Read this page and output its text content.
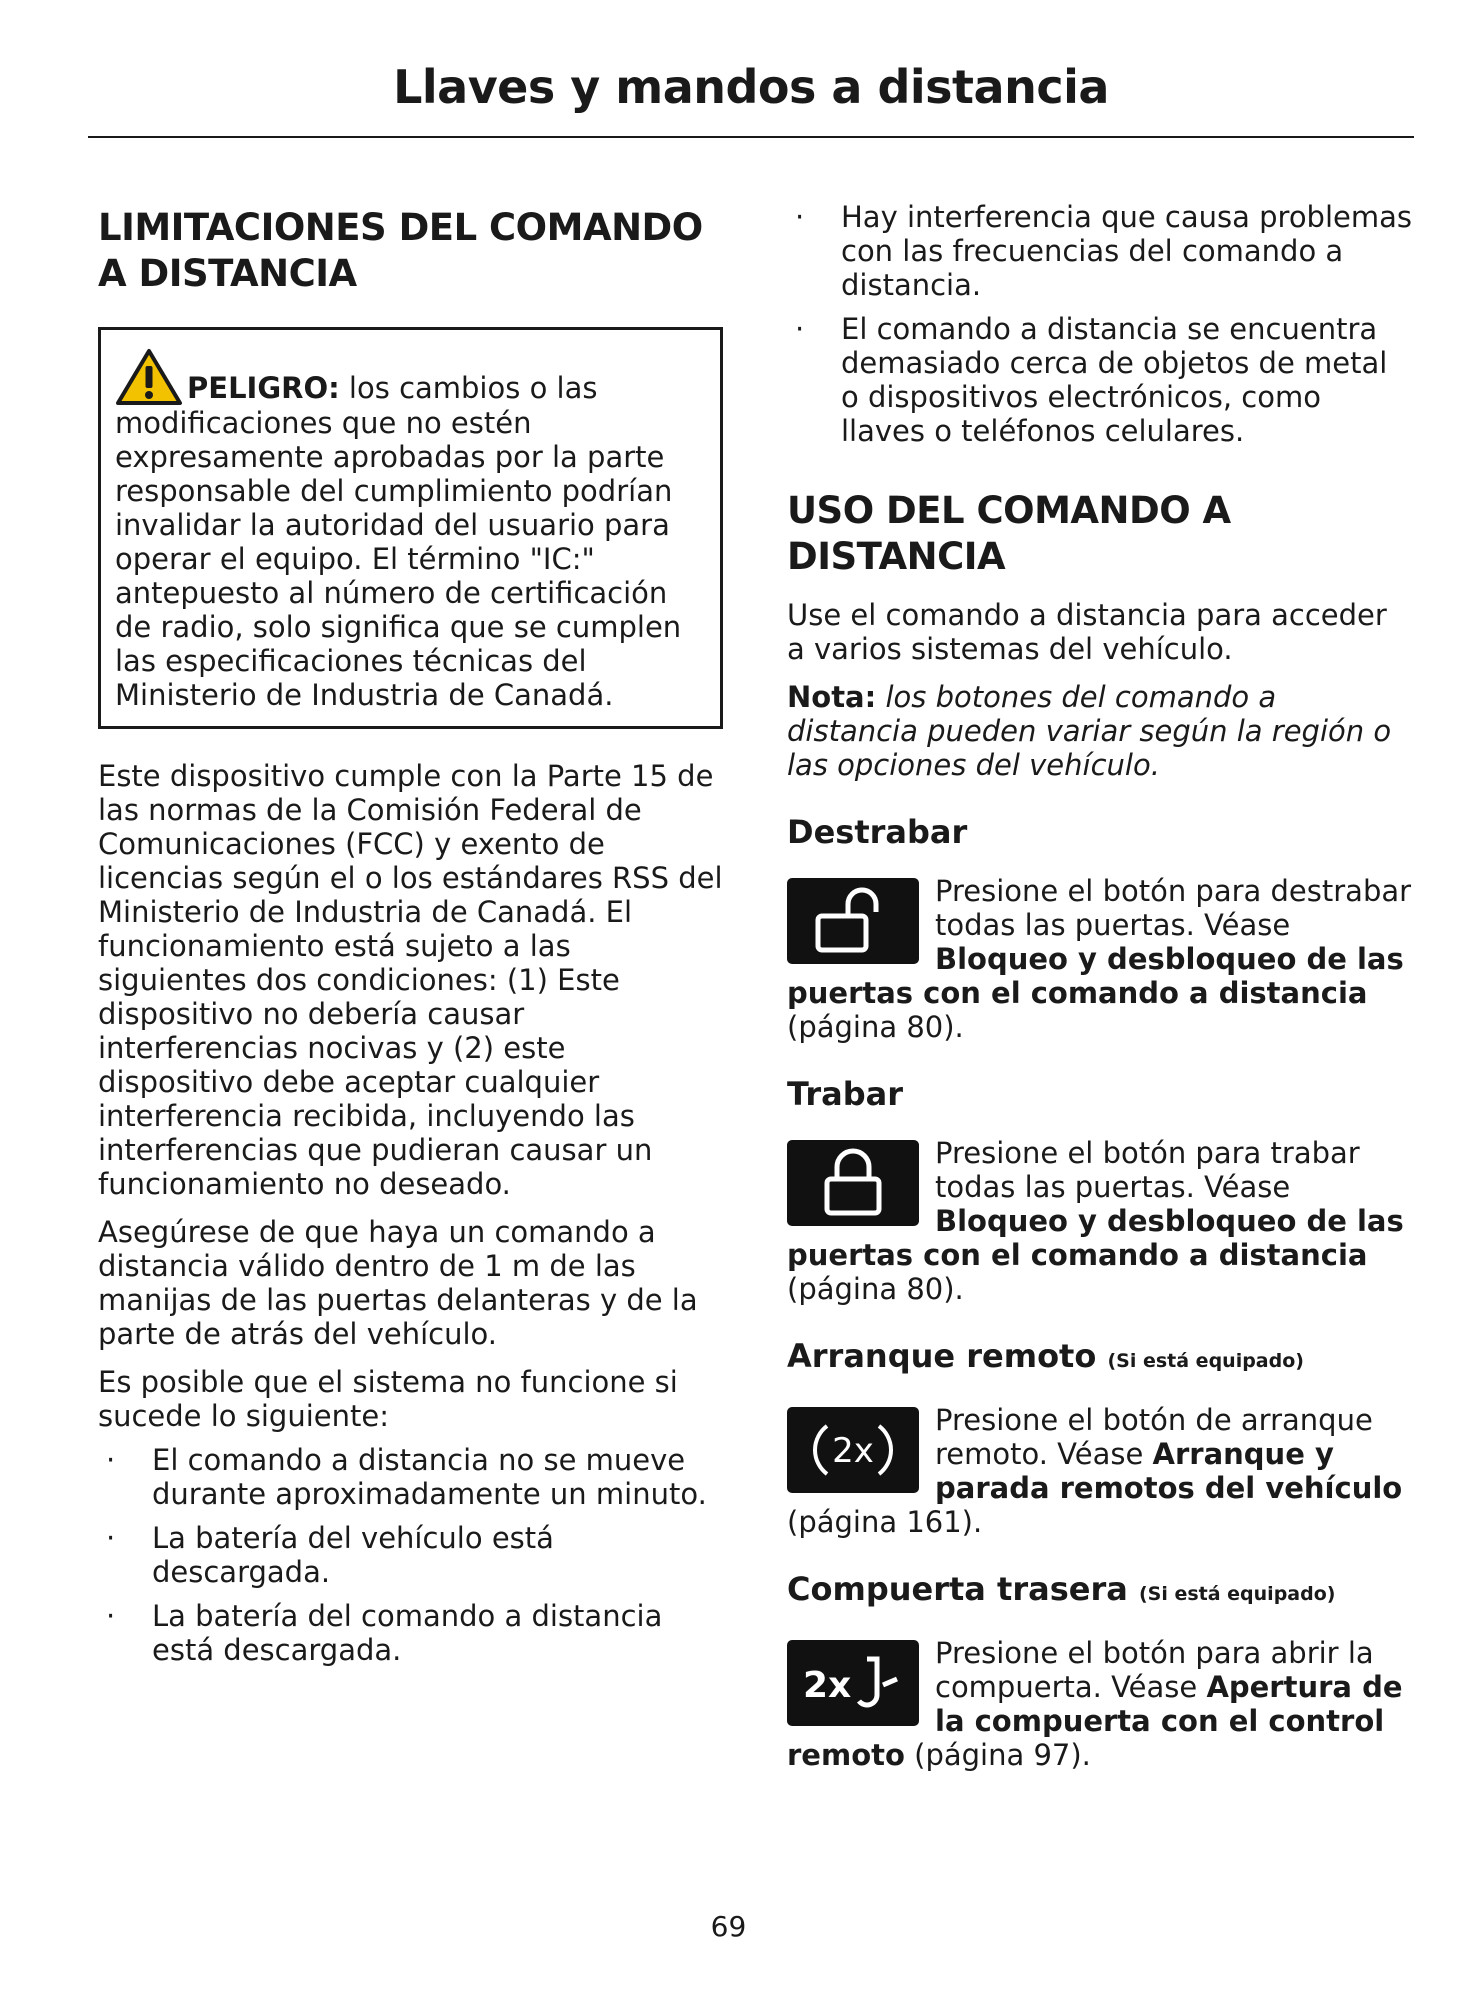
Llaves y mandos a distancia
LIMITACIONES DEL COMANDO A DISTANCIA

PELIGRO: los cambios o las modificaciones que no estén expresamente aprobadas por la parte responsable del cumplimiento podrían invalidar la autoridad del usuario para operar el equipo. El término "IC:" antepuesto al número de certificación de radio, solo significa que se cumplen las especificaciones técnicas del Ministerio de Industria de Canadá.

Este dispositivo cumple con la Parte 15 de las normas de la Comisión Federal de Comunicaciones (FCC) y exento de licencias según el o los estándares RSS del Ministerio de Industria de Canadá. El funcionamiento está sujeto a las siguientes dos condiciones: (1) Este dispositivo no debería causar interferencias nocivas y (2) este dispositivo debe aceptar cualquier interferencia recibida, incluyendo las interferencias que pudieran causar un funcionamiento no deseado.

Asegúrese de que haya un comando a distancia válido dentro de 1 m de las manijas de las puertas delanteras y de la parte de atrás del vehículo.

Es posible que el sistema no funcione si sucede lo siguiente:

· El comando a distancia no se mueve durante aproximadamente un minuto.
· La batería del vehículo está descargada.
· La batería del comando a distancia está descargada.
· Hay interferencia que causa problemas con las frecuencias del comando a distancia.
· El comando a distancia se encuentra demasiado cerca de objetos de metal o dispositivos electrónicos, como llaves o teléfonos celulares.
USO DEL COMANDO A DISTANCIA

Use el comando a distancia para acceder a varios sistemas del vehículo.

Nota: los botones del comando a distancia pueden variar según la región o las opciones del vehículo.

Destrabar

Presione el botón para destrabar todas las puertas. Véase Bloqueo y desbloqueo de las puertas con el comando a distancia (página 80).

Trabar

Presione el botón para trabar todas las puertas. Véase Bloqueo y desbloqueo de las puertas con el comando a distancia (página 80).

Arranque remoto (Si está equipado)
2x

Presione el botón de arranque remoto. Véase Arranque y parada remotos del vehículo (página 161).

Compuerta trasera (Si está equipado)
2x

Presione el botón para abrir la compuerta. Véase Apertura de la compuerta con el control remoto (página 97).

69
